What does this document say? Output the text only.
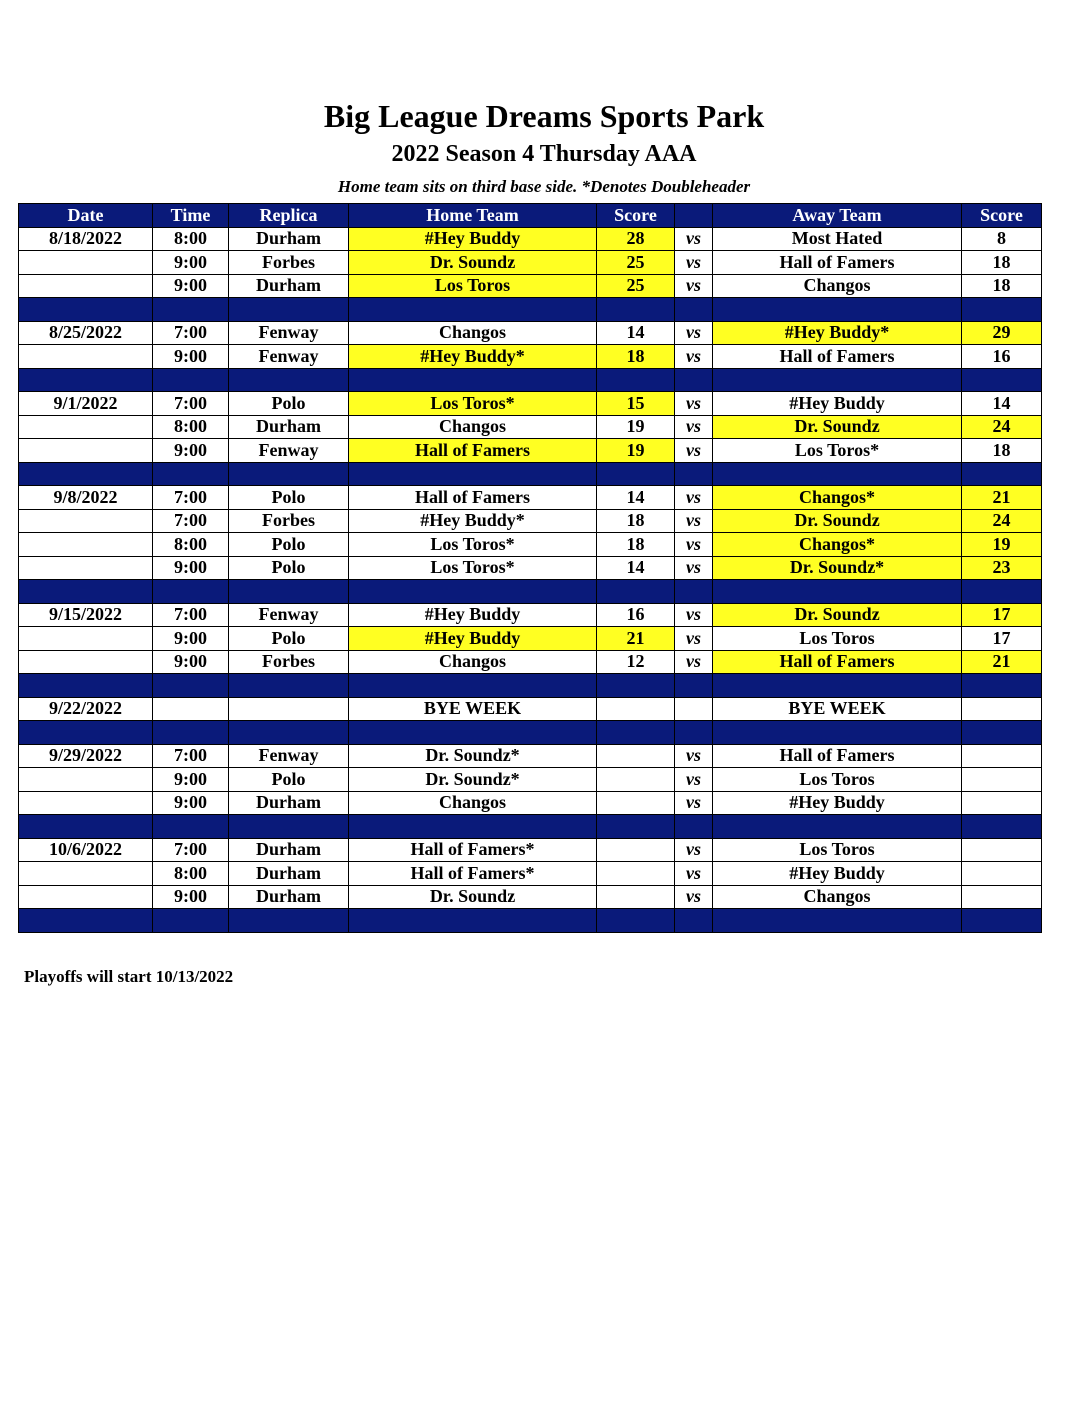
Big League Dreams Sports Park
2022 Season 4 Thursday AAA
Home team sits on third base side. *Denotes Doubleheader
Date	Time	Replica	Home Team	Score		Away Team	Score
8/18/2022	8:00	Durham	#Hey Buddy	28	vs	Most Hated	8
	9:00	Forbes	Dr. Soundz	25	vs	Hall of Famers	18
	9:00	Durham	Los Toros	25	vs	Changos	18

8/25/2022	7:00	Fenway	Changos	14	vs	#Hey Buddy*	29
	9:00	Fenway	#Hey Buddy*	18	vs	Hall of Famers	16

9/1/2022	7:00	Polo	Los Toros*	15	vs	#Hey Buddy	14
	8:00	Durham	Changos	19	vs	Dr. Soundz	24
	9:00	Fenway	Hall of Famers	19	vs	Los Toros*	18

9/8/2022	7:00	Polo	Hall of Famers	14	vs	Changos*	21
	7:00	Forbes	#Hey Buddy*	18	vs	Dr. Soundz	24
	8:00	Polo	Los Toros*	18	vs	Changos*	19
	9:00	Polo	Los Toros*	14	vs	Dr. Soundz*	23

9/15/2022	7:00	Fenway	#Hey Buddy	16	vs	Dr. Soundz	17
	9:00	Polo	#Hey Buddy	21	vs	Los Toros	17
	9:00	Forbes	Changos	12	vs	Hall of Famers	21

9/22/2022			BYE WEEK			BYE WEEK	

9/29/2022	7:00	Fenway	Dr. Soundz*		vs	Hall of Famers	
	9:00	Polo	Dr. Soundz*		vs	Los Toros	
	9:00	Durham	Changos		vs	#Hey Buddy	

10/6/2022	7:00	Durham	Hall of Famers*		vs	Los Toros	
	8:00	Durham	Hall of Famers*		vs	#Hey Buddy	
	9:00	Durham	Dr. Soundz		vs	Changos	

Playoffs will start 10/13/2022
